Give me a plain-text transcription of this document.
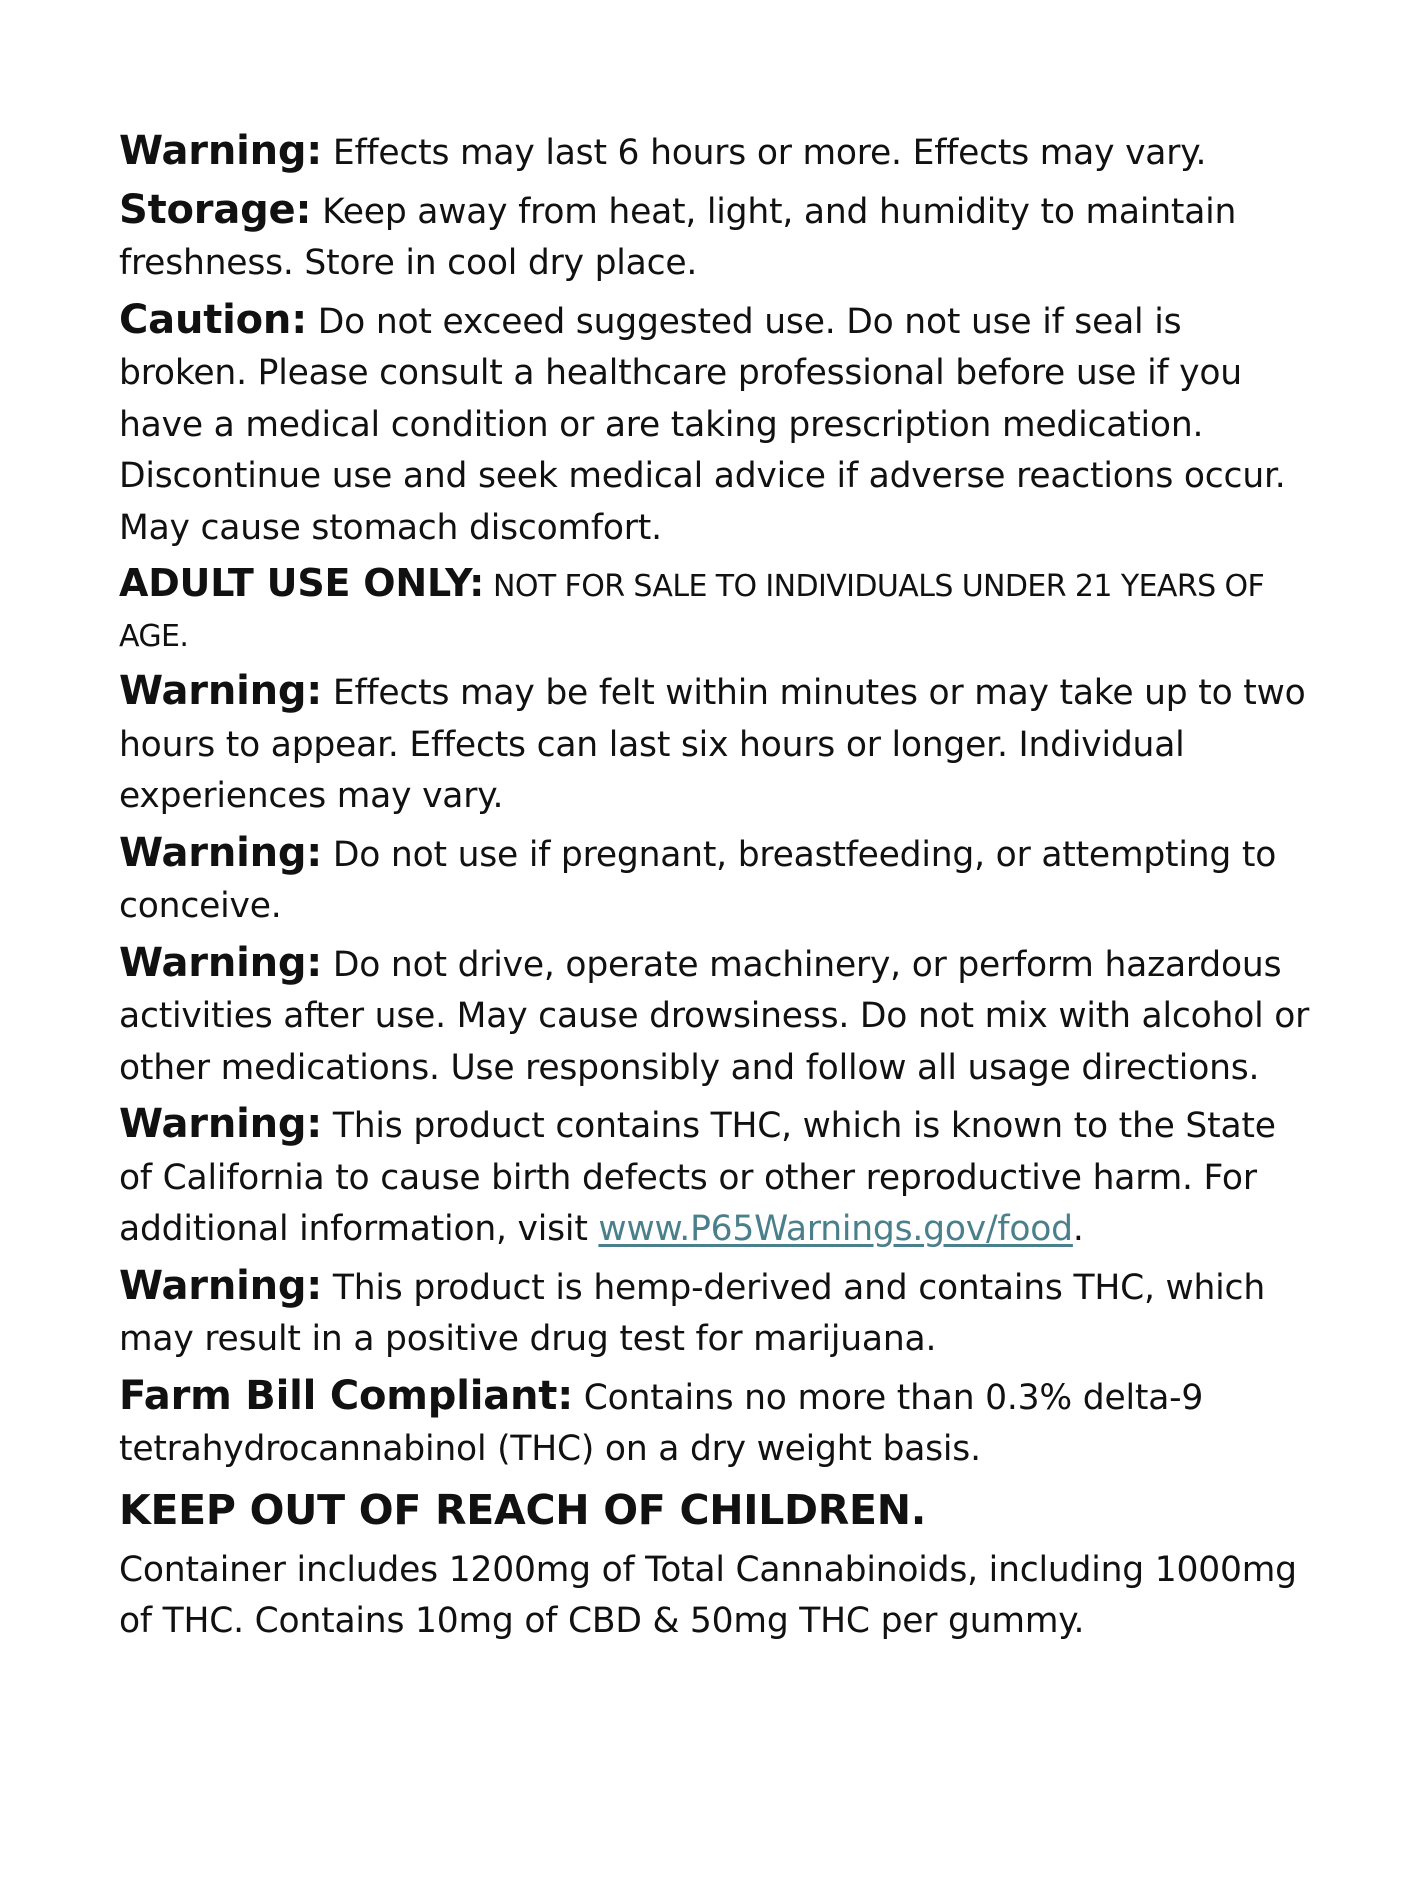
Warning: Effects may last 6 hours or more. Effects may vary.

Storage: Keep away from heat, light, and humidity to maintain freshness. Store in cool dry place.

Caution: Do not exceed suggested use. Do not use if seal is broken. Please consult a healthcare professional before use if you have a medical condition or are taking prescription medication. Discontinue use and seek medical advice if adverse reactions occur. May cause stomach discomfort.

ADULT USE ONLY: NOT FOR SALE TO INDIVIDUALS UNDER 21 YEARS OF AGE.

Warning: Effects may be felt within minutes or may take up to two hours to appear. Effects can last six hours or longer. Individual experiences may vary.

Warning: Do not use if pregnant, breastfeeding, or attempting to conceive.

Warning: Do not drive, operate machinery, or perform hazardous activities after use. May cause drowsiness. Do not mix with alcohol or other medications. Use responsibly and follow all usage directions.

Warning: This product contains THC, which is known to the State of California to cause birth defects or other reproductive harm. For additional information, visit www.P65Warnings.gov/food.

Warning: This product is hemp-derived and contains THC, which may result in a positive drug test for marijuana.

Farm Bill Compliant: Contains no more than 0.3% delta-9 tetrahydrocannabinol (THC) on a dry weight basis.

KEEP OUT OF REACH OF CHILDREN.

Container includes 1200mg of Total Cannabinoids, including 1000mg of THC. Contains 10mg of CBD & 50mg THC per gummy.
